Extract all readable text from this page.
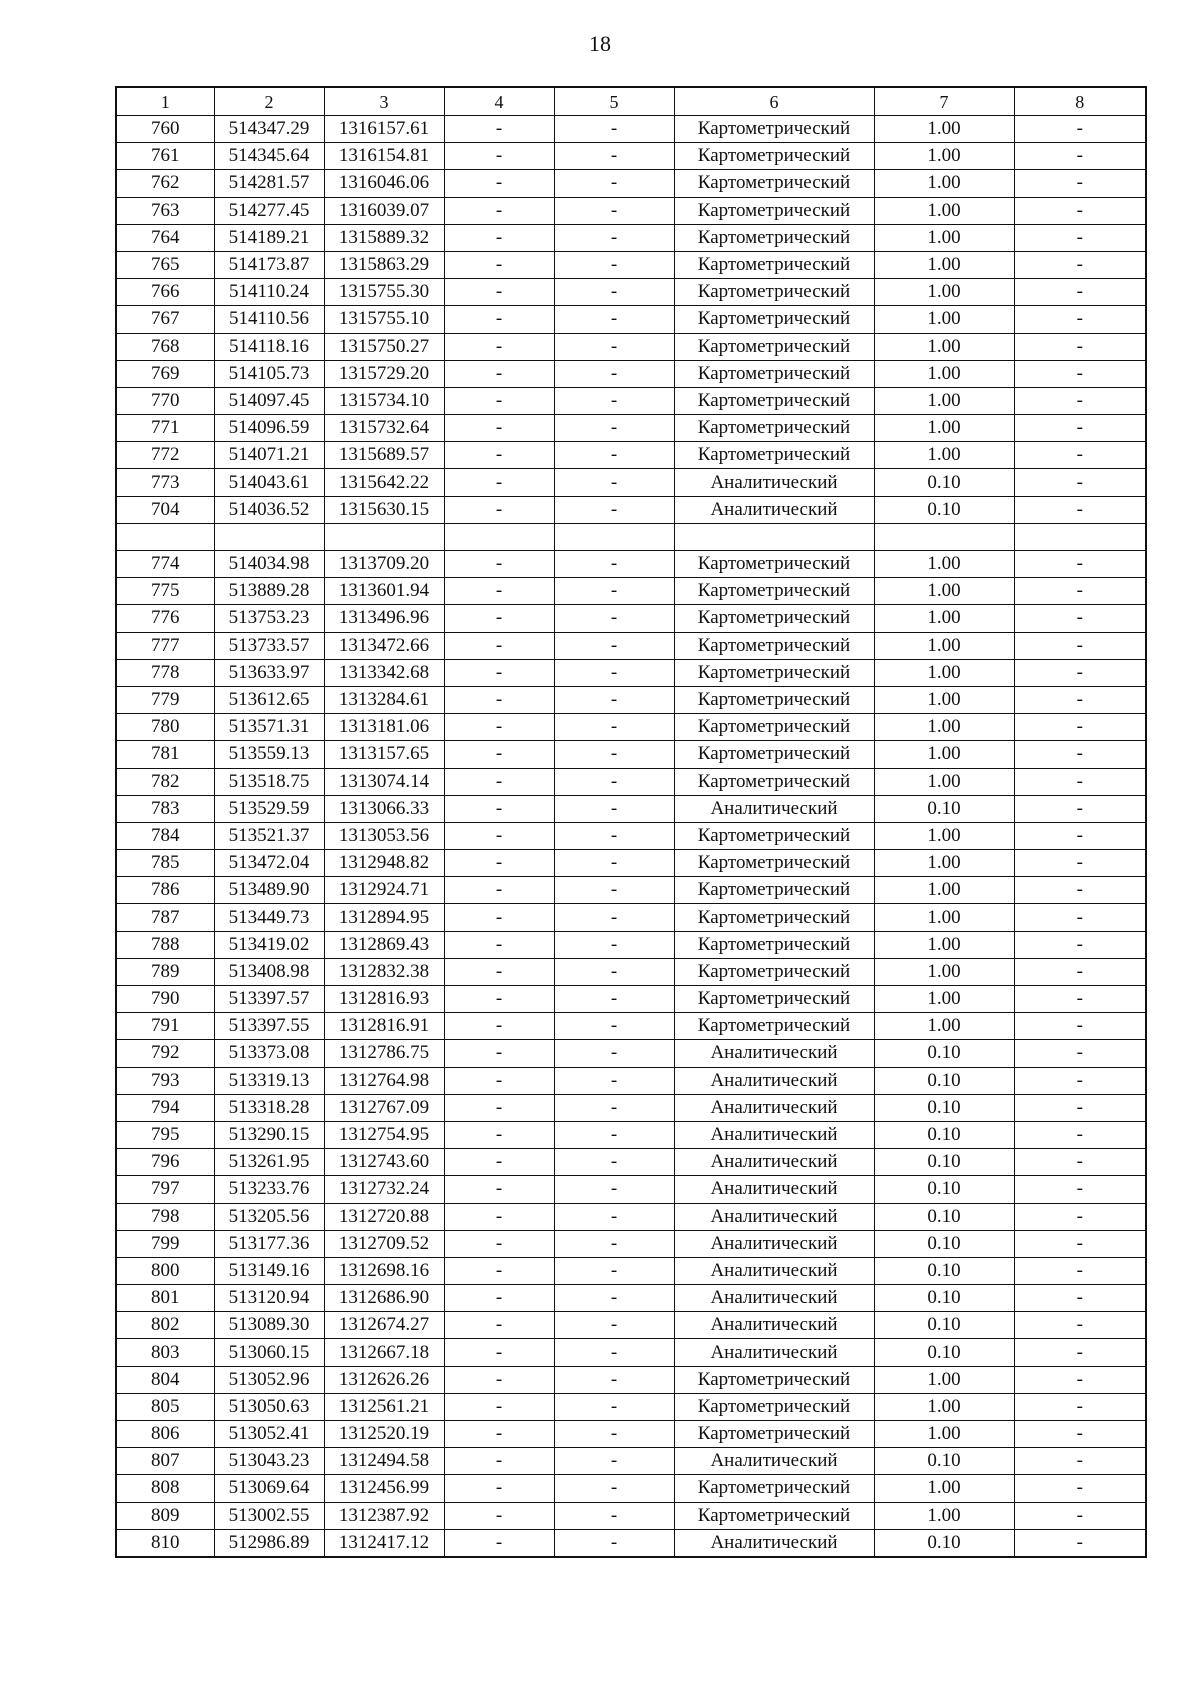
18
1	2	3	4	5	6	7	8
760	514347.29	1316157.61	-	-	Картометрический	1.00	-
761	514345.64	1316154.81	-	-	Картометрический	1.00	-
762	514281.57	1316046.06	-	-	Картометрический	1.00	-
763	514277.45	1316039.07	-	-	Картометрический	1.00	-
764	514189.21	1315889.32	-	-	Картометрический	1.00	-
765	514173.87	1315863.29	-	-	Картометрический	1.00	-
766	514110.24	1315755.30	-	-	Картометрический	1.00	-
767	514110.56	1315755.10	-	-	Картометрический	1.00	-
768	514118.16	1315750.27	-	-	Картометрический	1.00	-
769	514105.73	1315729.20	-	-	Картометрический	1.00	-
770	514097.45	1315734.10	-	-	Картометрический	1.00	-
771	514096.59	1315732.64	-	-	Картометрический	1.00	-
772	514071.21	1315689.57	-	-	Картометрический	1.00	-
773	514043.61	1315642.22	-	-	Аналитический	0.10	-
704	514036.52	1315630.15	-	-	Аналитический	0.10	-

774	514034.98	1313709.20	-	-	Картометрический	1.00	-
775	513889.28	1313601.94	-	-	Картометрический	1.00	-
776	513753.23	1313496.96	-	-	Картометрический	1.00	-
777	513733.57	1313472.66	-	-	Картометрический	1.00	-
778	513633.97	1313342.68	-	-	Картометрический	1.00	-
779	513612.65	1313284.61	-	-	Картометрический	1.00	-
780	513571.31	1313181.06	-	-	Картометрический	1.00	-
781	513559.13	1313157.65	-	-	Картометрический	1.00	-
782	513518.75	1313074.14	-	-	Картометрический	1.00	-
783	513529.59	1313066.33	-	-	Аналитический	0.10	-
784	513521.37	1313053.56	-	-	Картометрический	1.00	-
785	513472.04	1312948.82	-	-	Картометрический	1.00	-
786	513489.90	1312924.71	-	-	Картометрический	1.00	-
787	513449.73	1312894.95	-	-	Картометрический	1.00	-
788	513419.02	1312869.43	-	-	Картометрический	1.00	-
789	513408.98	1312832.38	-	-	Картометрический	1.00	-
790	513397.57	1312816.93	-	-	Картометрический	1.00	-
791	513397.55	1312816.91	-	-	Картометрический	1.00	-
792	513373.08	1312786.75	-	-	Аналитический	0.10	-
793	513319.13	1312764.98	-	-	Аналитический	0.10	-
794	513318.28	1312767.09	-	-	Аналитический	0.10	-
795	513290.15	1312754.95	-	-	Аналитический	0.10	-
796	513261.95	1312743.60	-	-	Аналитический	0.10	-
797	513233.76	1312732.24	-	-	Аналитический	0.10	-
798	513205.56	1312720.88	-	-	Аналитический	0.10	-
799	513177.36	1312709.52	-	-	Аналитический	0.10	-
800	513149.16	1312698.16	-	-	Аналитический	0.10	-
801	513120.94	1312686.90	-	-	Аналитический	0.10	-
802	513089.30	1312674.27	-	-	Аналитический	0.10	-
803	513060.15	1312667.18	-	-	Аналитический	0.10	-
804	513052.96	1312626.26	-	-	Картометрический	1.00	-
805	513050.63	1312561.21	-	-	Картометрический	1.00	-
806	513052.41	1312520.19	-	-	Картометрический	1.00	-
807	513043.23	1312494.58	-	-	Аналитический	0.10	-
808	513069.64	1312456.99	-	-	Картометрический	1.00	-
809	513002.55	1312387.92	-	-	Картометрический	1.00	-
810	512986.89	1312417.12	-	-	Аналитический	0.10	-
